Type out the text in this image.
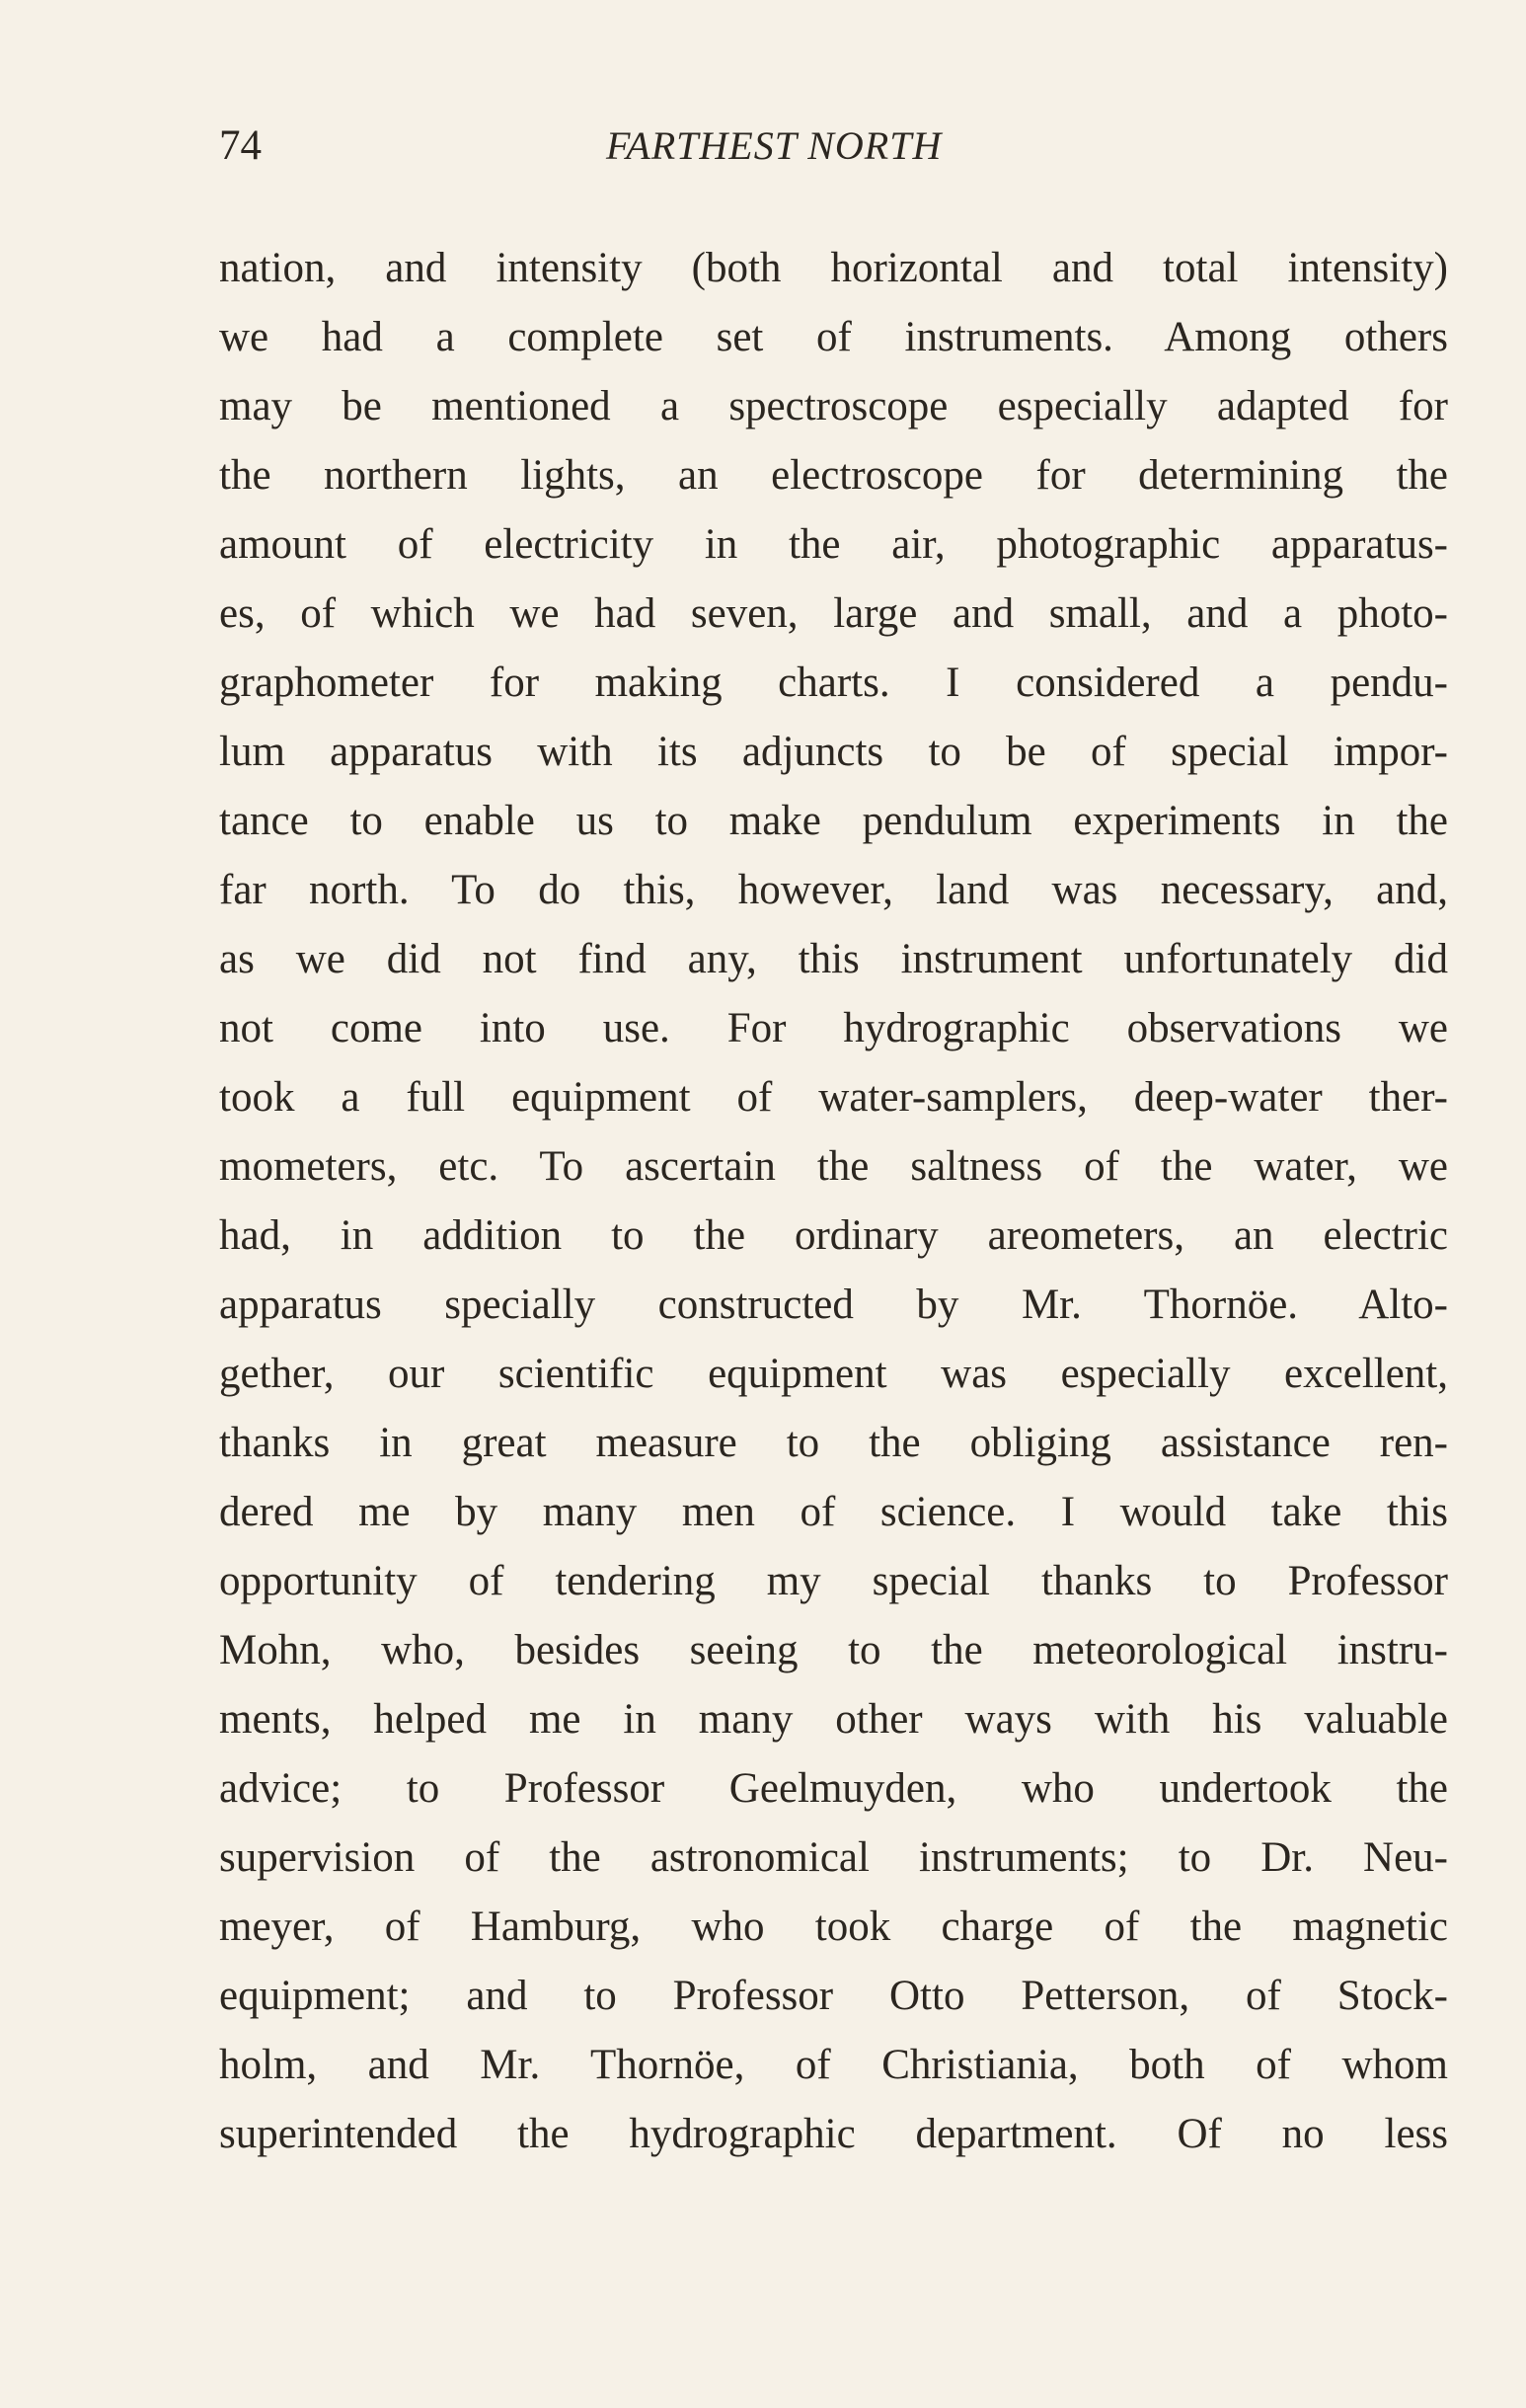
74	FARTHEST NORTH
nation, and intensity (both horizontal and total intensity)
we had a complete set of instruments. Among others
may be mentioned a spectroscope especially adapted for
the northern lights, an electroscope for determining the
amount of electricity in the air, photographic apparatus-
es, of which we had seven, large and small, and a photo-
graphometer for making charts. I considered a pendu-
lum apparatus with its adjuncts to be of special impor-
tance to enable us to make pendulum experiments in the
far north. To do this, however, land was necessary, and,
as we did not find any, this instrument unfortunately did
not come into use. For hydrographic observations we
took a full equipment of water-samplers, deep-water ther-
mometers, etc. To ascertain the saltness of the water, we
had, in addition to the ordinary areometers, an electric
apparatus specially constructed by Mr. Thornöe. Alto-
gether, our scientific equipment was especially excellent,
thanks in great measure to the obliging assistance ren-
dered me by many men of science. I would take this
opportunity of tendering my special thanks to Professor
Mohn, who, besides seeing to the meteorological instru-
ments, helped me in many other ways with his valuable
advice; to Professor Geelmuyden, who undertook the
supervision of the astronomical instruments; to Dr. Neu-
meyer, of Hamburg, who took charge of the magnetic
equipment; and to Professor Otto Petterson, of Stock-
holm, and Mr. Thornöe, of Christiania, both of whom
superintended the hydrographic department. Of no less
